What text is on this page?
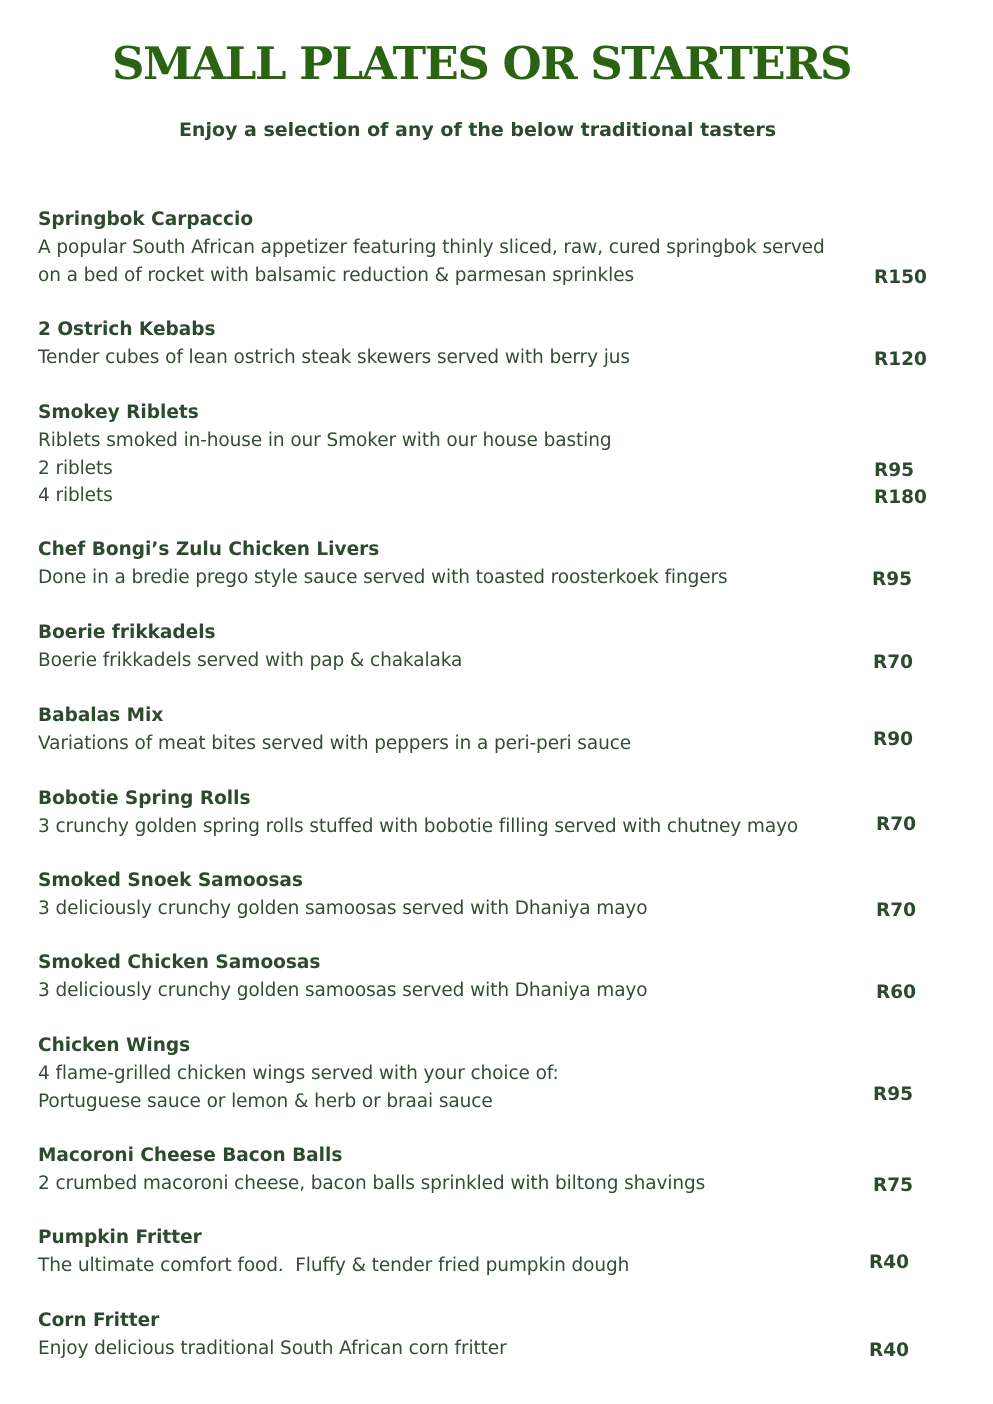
SMALL PLATES OR STARTERS

Enjoy a selection of any of the below traditional tasters

Springbok Carpaccio
A popular South African appetizer featuring thinly sliced, raw, cured springbok served
on a bed of rocket with balsamic reduction & parmesan sprinkles	R150
2 Ostrich Kebabs
Tender cubes of lean ostrich steak skewers served with berry jus	R120
Smokey Riblets
Riblets smoked in-house in our Smoker with our house basting
2 riblets	R95
4 riblets	R180
Chef Bongi’s Zulu Chicken Livers
Done in a bredie prego style sauce served with toasted roosterkoek fingers	R95
Boerie frikkadels
Boerie frikkadels served with pap & chakalaka	R70
Babalas Mix
Variations of meat bites served with peppers in a peri-peri sauce	R90
Bobotie Spring Rolls
3 crunchy golden spring rolls stuffed with bobotie filling served with chutney mayo	R70
Smoked Snoek Samoosas
3 deliciously crunchy golden samoosas served with Dhaniya mayo	R70
Smoked Chicken Samoosas
3 deliciously crunchy golden samoosas served with Dhaniya mayo	R60
Chicken Wings
4 flame-grilled chicken wings served with your choice of:
Portuguese sauce or lemon & herb or braai sauce	R95
Macoroni Cheese Bacon Balls
2 crumbed macoroni cheese, bacon balls sprinkled with biltong shavings	R75
Pumpkin Fritter
The ultimate comfort food.  Fluffy & tender fried pumpkin dough	R40
Corn Fritter
Enjoy delicious traditional South African corn fritter	R40
